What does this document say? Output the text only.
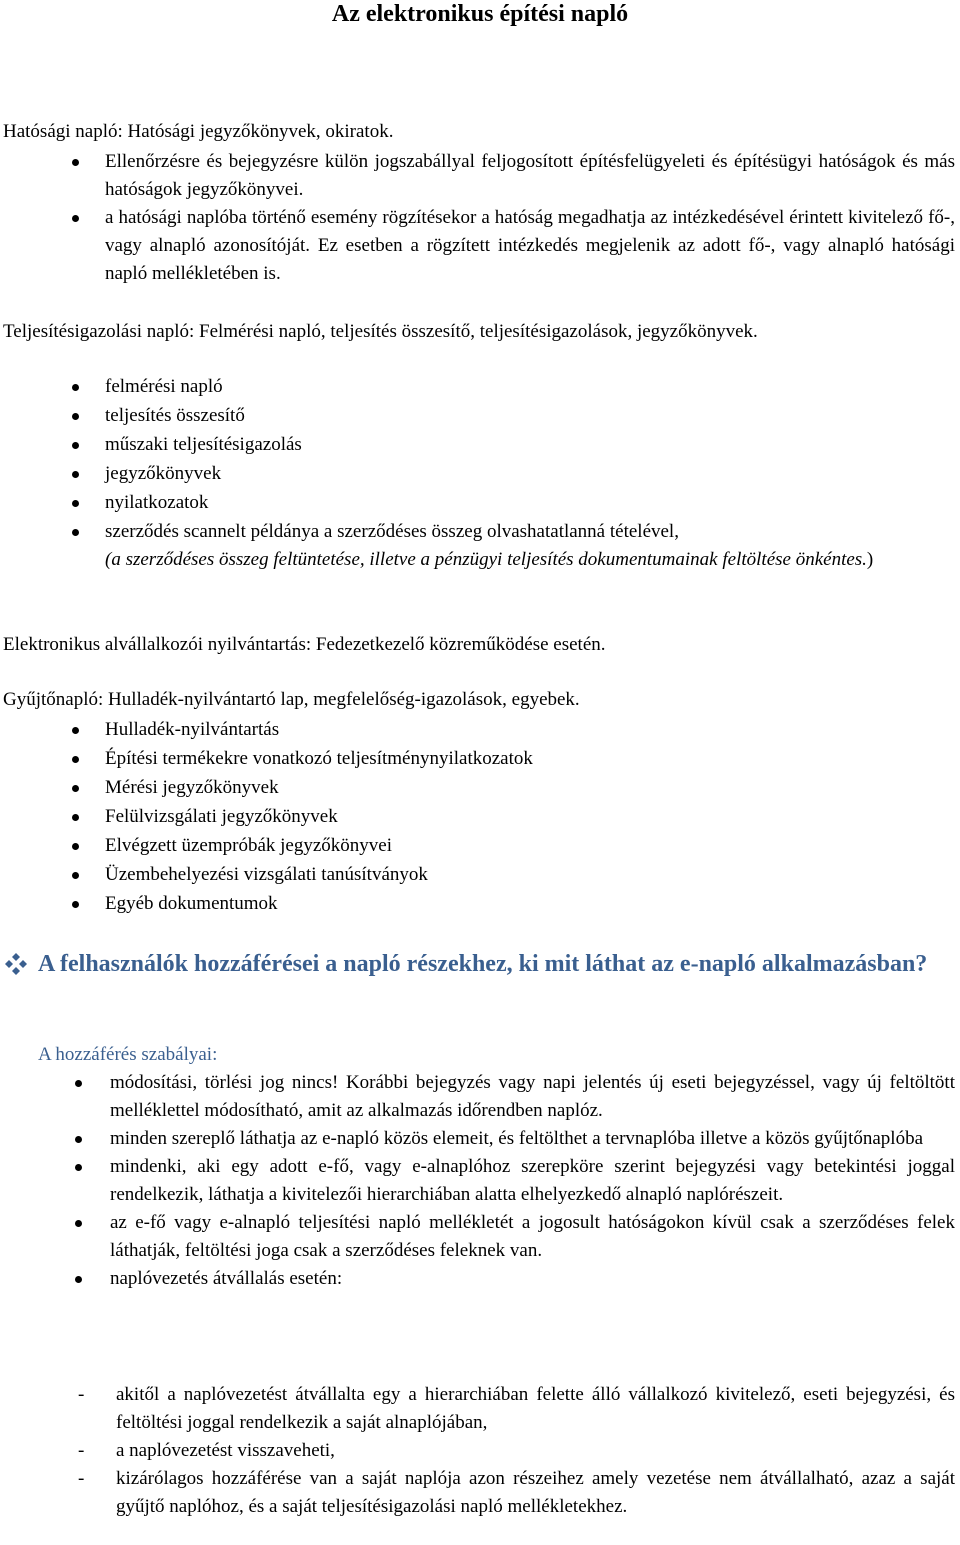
Az elektronikus építési napló
Hatósági napló: Hatósági jegyzőkönyvek, okiratok.
Ellenőrzésre és bejegyzésre külön jogszabállyal feljogosított építésfelügyeleti és építésügyi hatóságok és más hatóságok jegyzőkönyvei.
a hatósági naplóba történő esemény rögzítésekor a hatóság megadhatja az intézkedésével érintett kivitelező fő-, vagy alnapló azonosítóját. Ez esetben a rögzített intézkedés megjelenik az adott fő-, vagy alnapló hatósági napló mellékletében is.
Teljesítésigazolási napló: Felmérési napló, teljesítés összesítő, teljesítésigazolások, jegyzőkönyvek.
felmérési napló
teljesítés összesítő
műszaki teljesítésigazolás
jegyzőkönyvek
nyilatkozatok
szerződés scannelt példánya a szerződéses összeg olvashatatlanná tételével,
(a szerződéses összeg feltüntetése, illetve a pénzügyi teljesítés dokumentumainak feltöltése önkéntes.)
Elektronikus alvállalkozói nyilvántartás: Fedezetkezelő közreműködése esetén.
Gyűjtőnapló: Hulladék-nyilvántartó lap, megfelelőség-igazolások, egyebek.
Hulladék-nyilvántartás
Építési termékekre vonatkozó teljesítménynyilatkozatok
Mérési jegyzőkönyvek
Felülvizsgálati jegyzőkönyvek
Elvégzett üzempróbák jegyzőkönyvei
Üzembehelyezési vizsgálati tanúsítványok
Egyéb dokumentumok
A felhasználók hozzáférései a napló részekhez, ki mit láthat az e-napló alkalmazásban?
A hozzáférés szabályai:
módosítási, törlési jog nincs! Korábbi bejegyzés vagy napi jelentés új eseti bejegyzéssel, vagy új feltöltött melléklettel módosítható, amit az alkalmazás időrendben naplóz.
minden szereplő láthatja az e-napló közös elemeit, és feltölthet a tervnaplóba illetve a közös gyűjtőnaplóba
mindenki, aki egy adott e-fő, vagy e-alnaplóhoz szerepköre szerint bejegyzési vagy betekintési joggal rendelkezik, láthatja a kivitelezői hierarchiában alatta elhelyezkedő alnapló naplórészeit.
az e-fő vagy e-alnapló teljesítési napló mellékletét a jogosult hatóságokon kívül csak a szerződéses felek láthatják, feltöltési joga csak a szerződéses feleknek van.
naplóvezetés átvállalás esetén:
- akitől a naplóvezetést átvállalta egy a hierarchiában felette álló vállalkozó kivitelező, eseti bejegyzési, és feltöltési joggal rendelkezik a saját alnaplójában,
- a naplóvezetést visszaveheti,
- kizárólagos hozzáférése van a saját naplója azon részeihez amely vezetése nem átvállalható, azaz a saját gyűjtő naplóhoz, és a saját teljesítésigazolási napló mellékletekhez.
